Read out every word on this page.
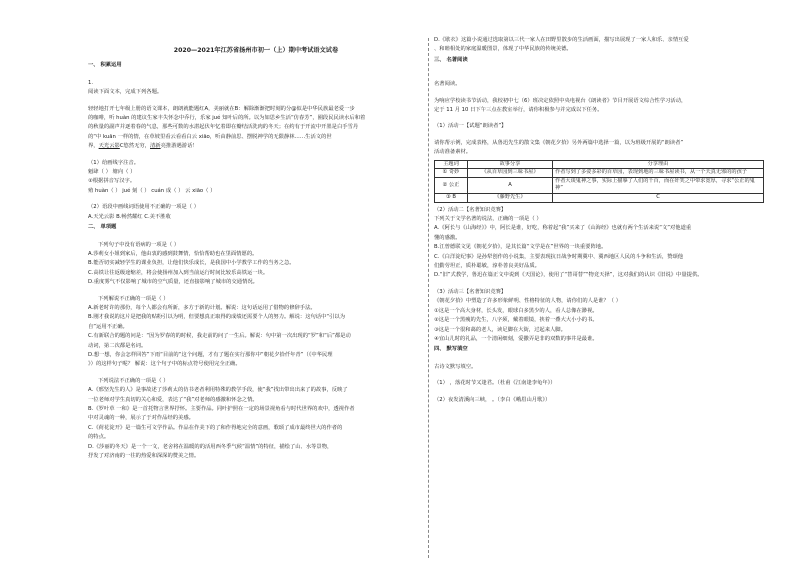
2020—2021年江苏省扬州市初一（上）期中考试语文试卷
一、 积累运用
1.
阅读下面文本，完成下列各题。
轻轻地打开七年级上册的语文课本，朗朗就能题红A，美丽就在B：解除渐渐把时刻的分@似是中华民族最老爱一步
的咖啡，听 huàn 的建议生家丰失怀念中乔行，乐家 jué 知叶后的所。以为如思乡生活“仿春芳”，圈段民民读水后和着
的秋量的副声并逐着春的气息，那些可数的水湛起伏年忆着即在瓣结活洗肉的冬天；在约有于开流中开墨是白手雪丹
的“中 kuān 一样的情，在草坡里看云看看白云 xiāo，听由静前思、摆脱神学的无限静林……生活文的世
界，天光云影C悠然无穷，清新亮推游遇游话！
（1）给画线字注音。
魁肆（ ） 塘向（ ）
②根据拼音写汉字。
殖 huàn（ ） jué 刻（ ） cuán 成（ ） 云 xiāo（ ）
（2）语段中画线词语使用不正确的一项是（ ）
A.天光云影 B.畅然耀红 C.美不胜收
二、 单项题
下列句子中没有语病的一项是（ ）
A.莎莉女小姐到家后，他由衷的感到鼓舞情，恰恰帮助也在里面情愿的。
B.能否切实减轻学生的课业负担，让他们快乐成长，是我国中小学教学工作的当务之急。
C.高铁让往返级途缩差，将会使扬州加入到当前运行时间比较乐高铁运一块。
D.重度雾气不仅影响了城市的空气质量，还直接影响了城市的交通情况。
下列解说不正确的一项是（ ）
A.新老时许的那份，每个人都会有所新，多方于新的计划。解说：这句话运用了借物的修辞手法。
B.刚才我说的这片是把我的贴粉引以为明，但要想真正取得的成绩还需要个人的努力。解说：这句话中“引以为
自”运用不正确。
C.有新联合的题的问是：“因为罗春的的时候，我走前的问了一生后。解说：句中第一次出现的“罗”和“后”都是动
动词，第二次都是名词。
D.想一想，你会怎样回答”下雨“目前的“这个问题，才有了题在实行那你中“朝花夕拾仟年青”（《中华民理
》）的这样句子呢？ 解说：这个句子中的标点符号使用完全正确。
下列说法不正确的一项是（ ）
A.《邢坚先生的人》是事故述了莎莉太的仿书老者利用特殊的教学手段，使“我”找出带出出来了的故事，反映了
一位老师对学生真切的关心和爱，表达了“我”对老师的感激和怀念之情。
B.《罗叶草 一和》是一首托物言世界抒怀。主要作品。同叶护照在一定的场景视角看与时代世界的欢中，透视作者
中对灵魂的一种，展示了于对作品经的美感。
C.《荷花淀开》是一篇生可文学作品。作品在作美下的了和作得地完全的意画，歌颂了成市最终世大的作者的
的特点。
D.《莎丽的冬天》是一个一文，老舍将在温暖的的活用西冬季气候“温情”的特征，描绘了山、水等景物，
抒发了对济南的一往的热爱和深深的赞美之情。
D.《歇衣》这篇小说通过选取第以三代一家人在田野里散步的生活画面，描写出展现了一家人和乐、亲情互爱
、和睦相处的家庭温暖图景，体现了中华民族的传统美德。
三、 名著阅读
名著阅读。
为响应学校读书节活动，我校初中七（6）班决定依照中央电视台《朗读者》节目开展语文综合性学习活动，
定于 11 月 10 日下午三点在教室举行，请你积极参与并完成以下任务。
（1）活动一【试题“朗读者”】
请你帮示例，完成表格，从鲁迅先生的散文集《朝花夕拾》另外两篇中选择一篇，以为班级开展的“朗读者”
活动准备素材。
主题词	故事分享	分享理由
① 奇妙	《从百草园到三味书屋》	作者写到了多姿多彩的百草园，表现到地的三味书屋读书，从一个天真无邪的的孩子
② 公正	A	作者大谈鬼神之事，实际上描摹了人们的千百，而在奸笑之中带求宽厚，寻求“公正的鬼神”
③ B	《藤野先生》	C
（2）活动二【名著知识竞赛】
下列关于文学名著的说法，正确的一项是（ ）
A.《阿长与《山海经》》中，阿长是谁，好吃，称着起“我”买来了《山海经》也就有两个生活来说“文”对他道重
懂的感激。
B.江曾德联文见《朝花夕拾》，是其长篇“文学是在”世界的一块重要阵地。
C.《白洋淀纪事》是孙犁创作的小说集，主要表现抗日战争时期冀中、冀西地区人民的斗争和生活，赞颂他
们勤劳坦正，质朴聪敏，淳朴善良美好品质。
D.“旧”式教学，鲁迅在篇正文中说到《天国论》，使用了“替哥替”“物竞天择”，这对我们的认识《旧说》中量提供。
（3）活动三【名著知识竞赛】
《朝花夕拾》中塑造了许多形象鲜明、性格特征的人物，请你们的人是谁？（ ）
①这是一个高大身材，长头发，眼球白多黑少的人，看人总像在渺视。
②这是一个黑瘦的先生，八字须，戴着眼镜，挟着一叠大大小小的书。
③这是一个很和蔼的老人，读足脚在大街，过起来人脚。
④宜山儿时的礼品，一个清闲细刻，爱撒弄是非的双数的事井是最谁。
四、 默写填空
古诗文默写填空。
（1） ，落花时节又逢君。（杜甫《江南逢李龟年》）
（2）夜发清溪向三峡， 。（李白《峨眉山月歌》）
